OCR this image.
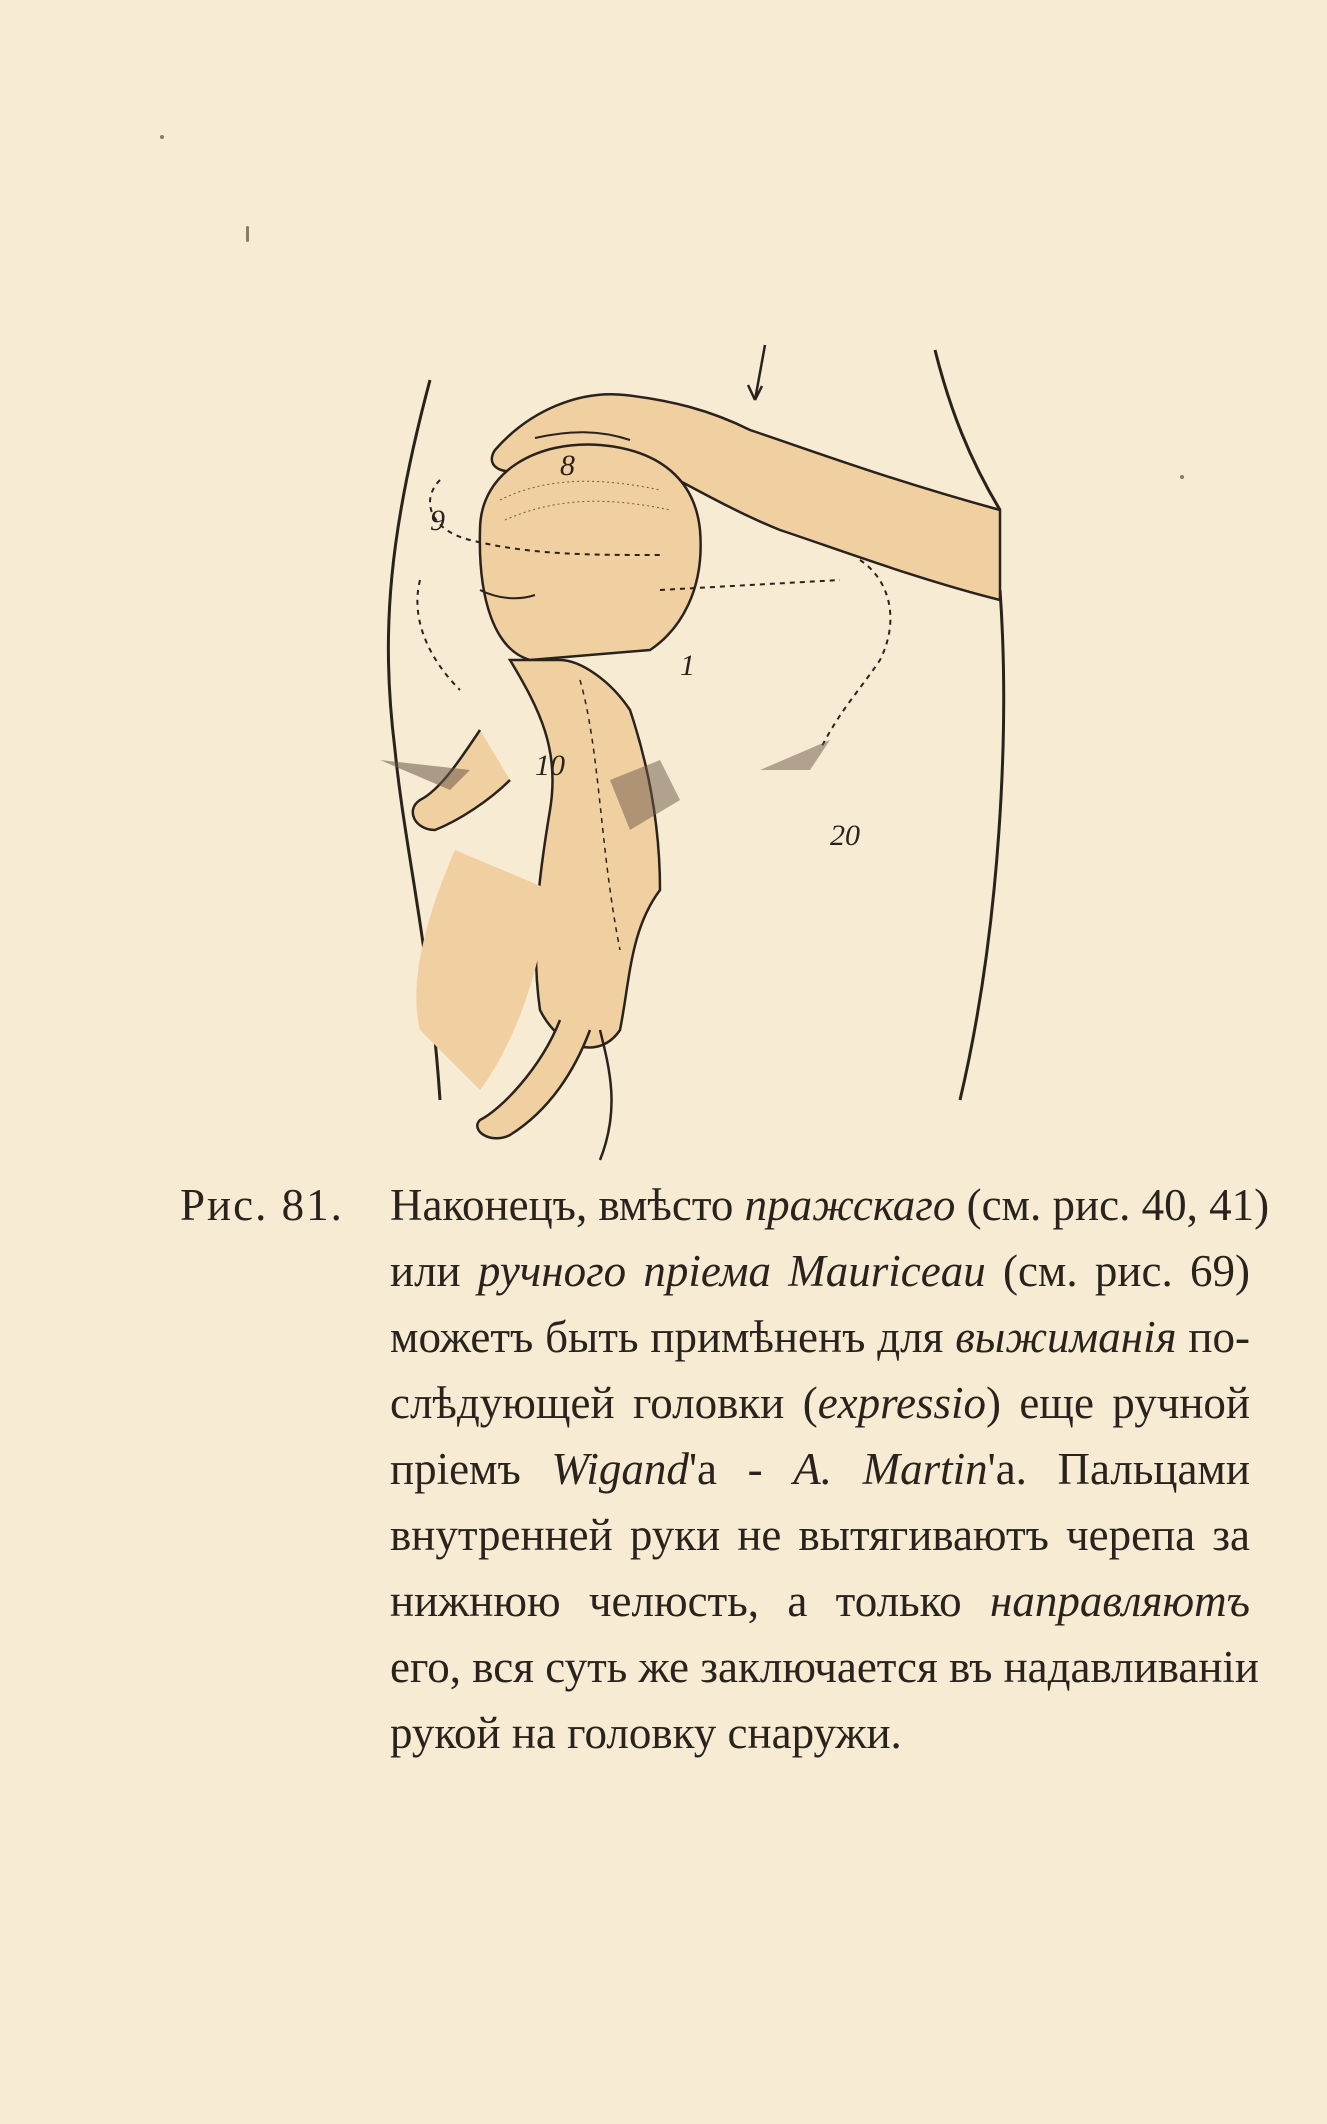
8
9
1
10
20
Рис. 81.	Наконецъ, вмѣсто пражскаго (см. рис. 40, 41)
или ручного пріема Mauriceau (см. рис. 69)
можетъ быть примѣненъ для выжиманія по-
слѣдующей головки (expressio) еще ручной
пріемъ Wigand'а - A. Martin'а. Пальцами
внутренней руки не вытягиваютъ черепа за
нижнюю челюсть, а только направляютъ
его, вся суть же заключается въ надавливаніи
рукой на головку снаружи.
